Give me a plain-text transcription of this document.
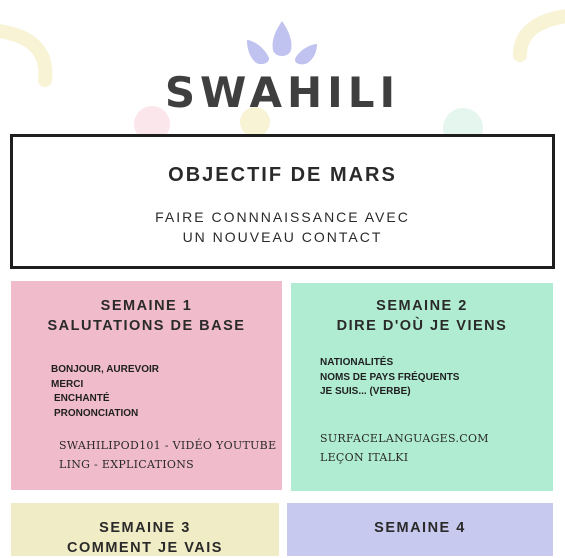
SWAHILI
OBJECTIF DE MARS
FAIRE CONNNAISSANCE AVEC
UN NOUVEAU CONTACT
SEMAINE 1
SALUTATIONS DE BASE
BONJOUR, AUREVOIR
MERCI
ENCHANTÉ
PRONONCIATION
SWAHILIPOD101 - VIDÉO YOUTUBE
LING - EXPLICATIONS
SEMAINE 2
DIRE D'OÙ JE VIENS
NATIONALITÉS
NOMS DE PAYS FRÉQUENTS
JE SUIS... (VERBE)
SURFACELANGUAGES.COM
LEÇON ITALKI
SEMAINE 3
COMMENT JE VAIS
SEMAINE 4
